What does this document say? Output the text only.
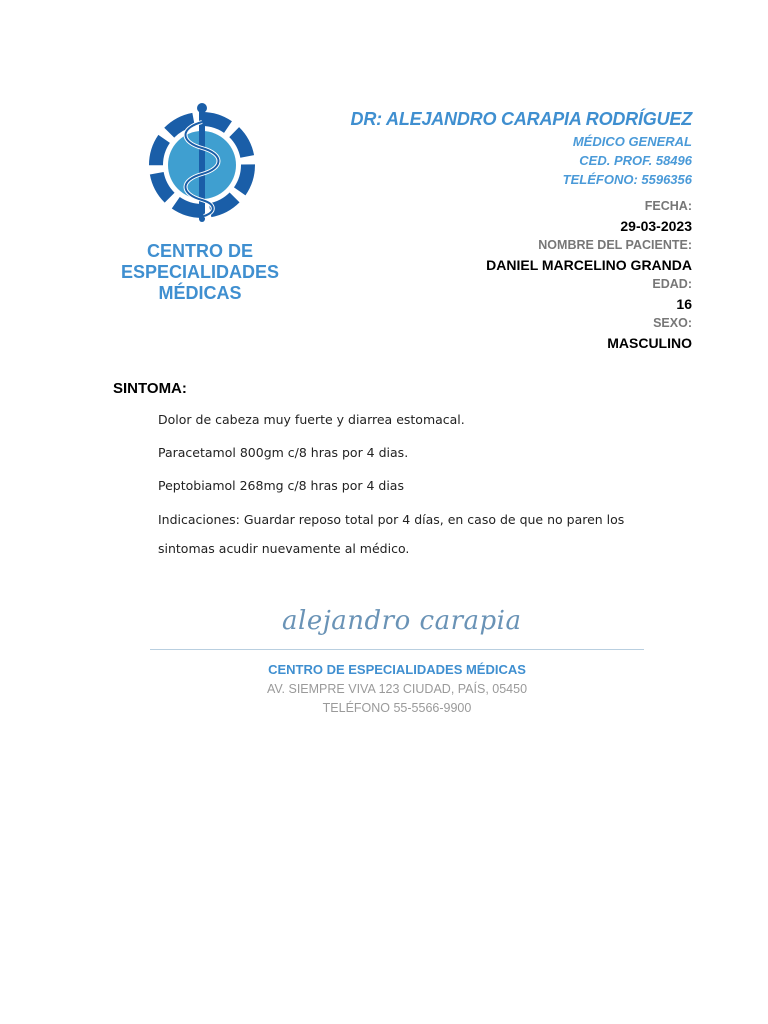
CENTRO DE
ESPECIALIDADES
MÉDICAS
DR: ALEJANDRO CARAPIA RODRÍGUEZ
MÉDICO GENERAL
CED. PROF. 58496
TELÉFONO: 5596356
FECHA:
29-03-2023
NOMBRE DEL PACIENTE:
DANIEL MARCELINO GRANDA
EDAD:
16
SEXO:
MASCULINO
SINTOMA:

Dolor de cabeza muy fuerte y diarrea estomacal.

Paracetamol 800gm c/8 hras por 4 dias.

Peptobiamol 268mg c/8 hras por 4 dias

Indicaciones: Guardar reposo total por 4 días, en caso de que no paren los
sintomas acudir nuevamente al médico.

alejandro carapia
CENTRO DE ESPECIALIDADES MÉDICAS
AV. SIEMPRE VIVA 123 CIUDAD, PAÍS, 05450
TELÉFONO 55-5566-9900
